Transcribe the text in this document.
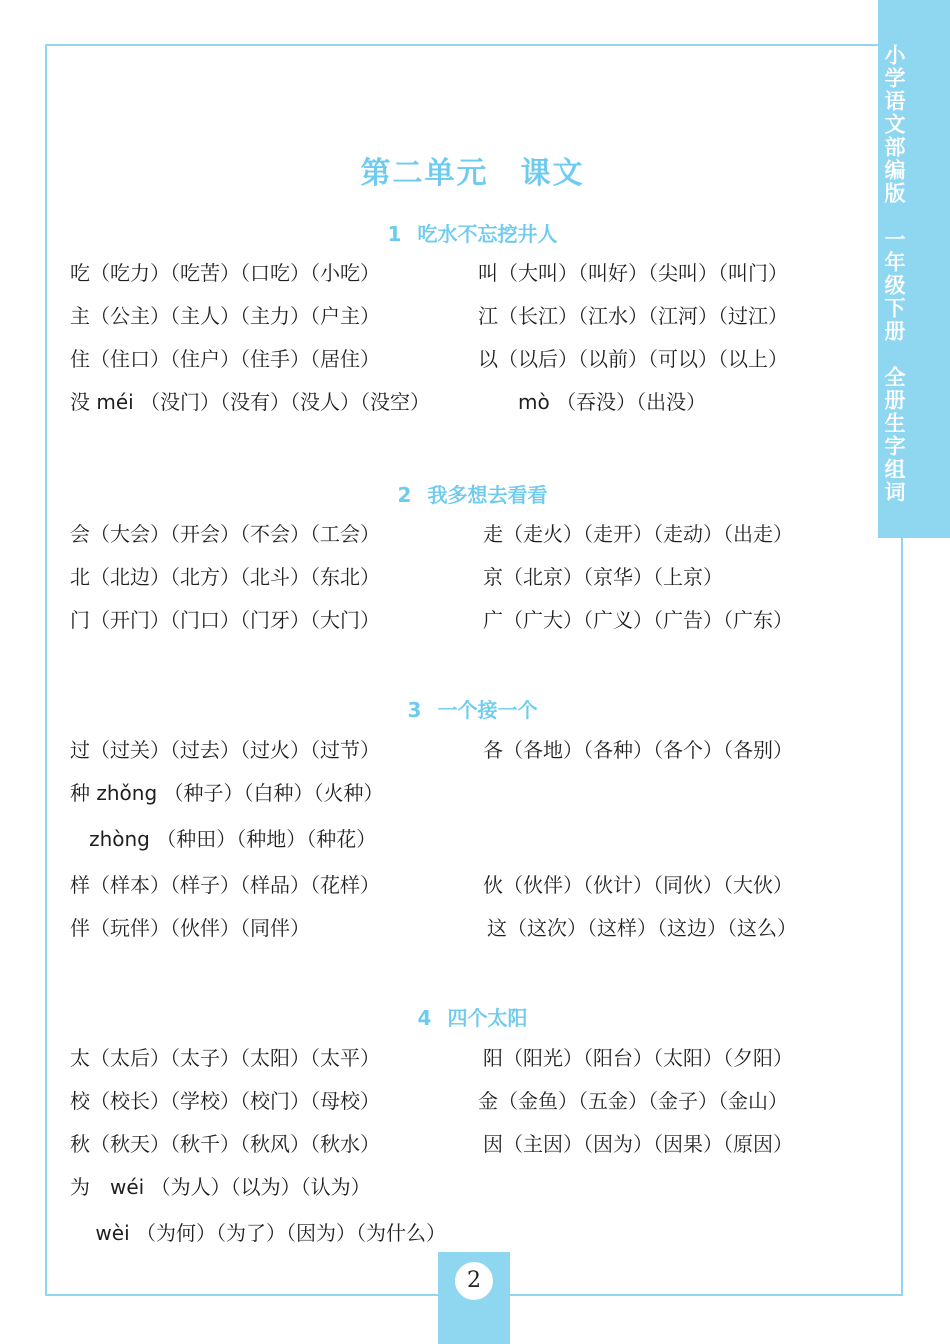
小学语文部编版　一年级下册　全册生字组词
第二单元　课文
1 吃水不忘挖井人
吃（吃力）（吃苦）（口吃）（小吃）	叫（大叫）（叫好）（尖叫）（叫门）
主（公主）（主人）（主力）（户主）	江（长江）（江水）（江河）（过江）
住（住口）（住户）（住手）（居住）	以（以后）（以前）（可以）（以上）
没 méi （没门）（没有）（没人）（没空）	mò （吞没）（出没）
2 我多想去看看
会（大会）（开会）（不会）（工会）	走（走火）（走开）（走动）（出走）
北（北边）（北方）（北斗）（东北）	京（北京）（京华）（上京）
门（开门）（门口）（门牙）（大门）	广（广大）（广义）（广告）（广东）
3 一个接一个
过（过关）（过去）（过火）（过节）	各（各地）（各种）（各个）（各别）
种 zhǒng （种子）（白种）（火种）
zhòng （种田）（种地）（种花）
样（样本）（样子）（样品）（花样）	伙（伙伴）（伙计）（同伙）（大伙）
伴（玩伴）（伙伴）（同伴）	这（这次）（这样）（这边）（这么）
4 四个太阳
太（太后）（太子）（太阳）（太平）	阳（阳光）（阳台）（太阳）（夕阳）
校（校长）（学校）（校门）（母校）	金（金鱼）（五金）（金子）（金山）
秋（秋天）（秋千）（秋风）（秋水）	因（主因）（因为）（因果）（原因）
为　wéi （为人）（以为）（认为）
wèi （为何）（为了）（因为）（为什么）
2
